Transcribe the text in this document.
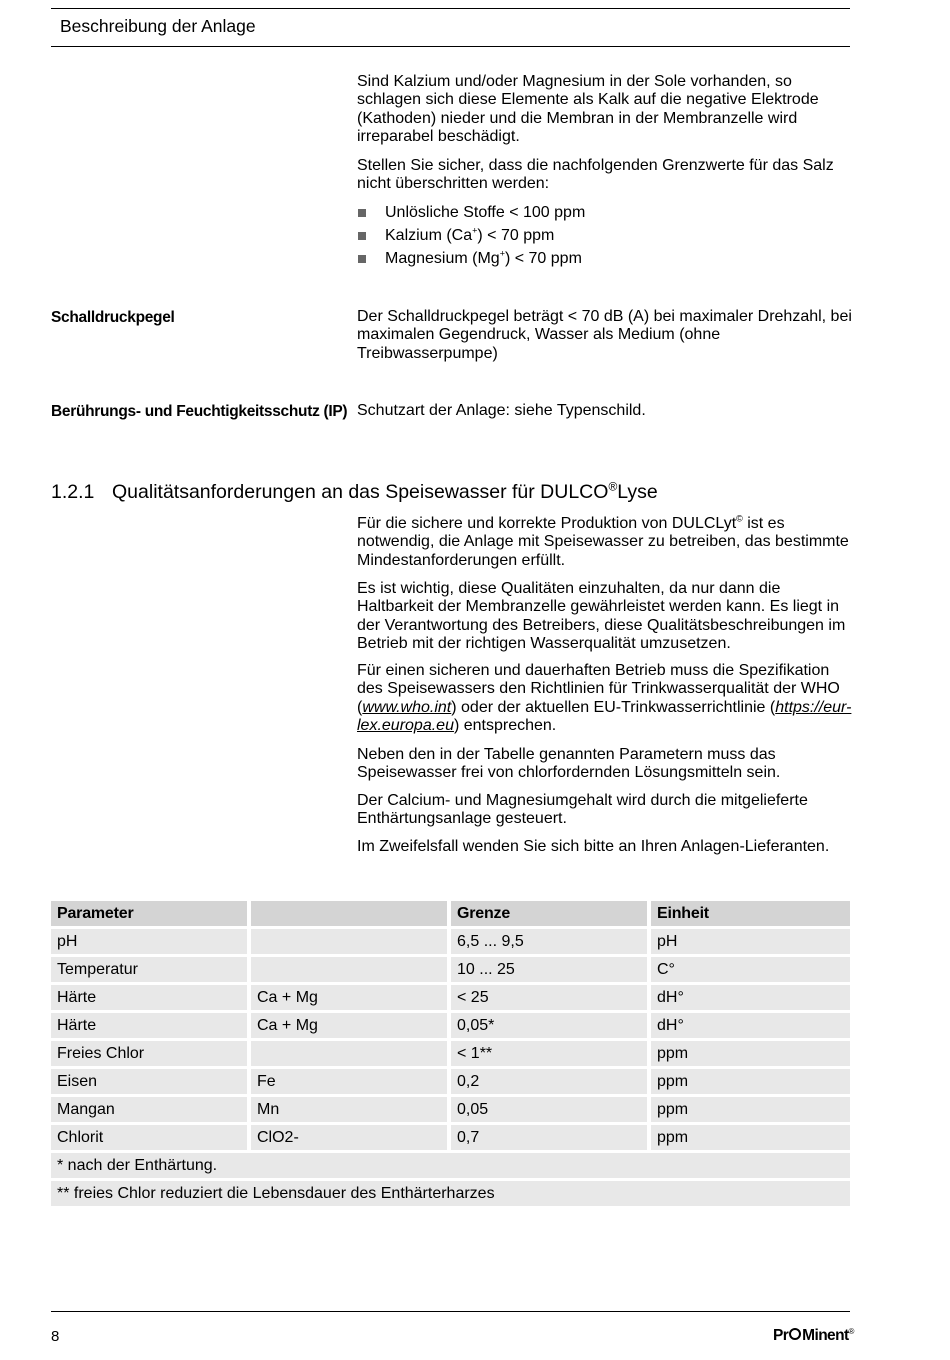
Beschreibung der Anlage

Sind Kalzium und/oder Magnesium in der Sole vorhanden, so schlagen sich diese Elemente als Kalk auf die negative Elektrode (Kathoden) nieder und die Membran in der Membranzelle wird irreparabel beschädigt.

Stellen Sie sicher, dass die nachfolgenden Grenzwerte für das Salz nicht überschritten werden:

Unlösliche Stoffe < 100 ppm
Kalzium (Ca+) < 70 ppm
Magnesium (Mg+) < 70 ppm
Schalldruckpegel	Der Schalldruckpegel beträgt < 70 dB (A) bei maximaler Drehzahl, bei maximalen Gegendruck, Wasser als Medium (ohne Treibwasserpumpe)

Berührungs- und Feuchtigkeitsschutz (IP) Schutzart der Anlage: siehe Typenschild.

1.2.1 Qualitätsanforderungen an das Speisewasser für DULCO®Lyse

Für die sichere und korrekte Produktion von DULCLyt© ist es notwendig, die Anlage mit Speisewasser zu betreiben, das bestimmte Mindestanforderungen erfüllt.

Es ist wichtig, diese Qualitäten einzuhalten, da nur dann die Haltbarkeit der Membranzelle gewährleistet werden kann. Es liegt in der Verantwortung des Betreibers, diese Qualitätsbeschreibungen im Betrieb mit der richtigen Wasserqualität umzusetzen.

Für einen sicheren und dauerhaften Betrieb muss die Spezifikation des Speisewassers den Richtlinien für Trinkwasserqualität der WHO (www.who.int) oder der aktuellen EU-Trinkwasserrichtlinie (https://eur-lex.europa.eu) entsprechen.

Neben den in der Tabelle genannten Parametern muss das Speisewasser frei von chlorfordernden Lösungsmitteln sein.

Der Calcium- und Magnesiumgehalt wird durch die mitgelieferte Enthärtungsanlage gesteuert.

Im Zweifelsfall wenden Sie sich bitte an Ihren Anlagen-Lieferanten.

Parameter		Grenze	Einheit
pH		6,5 ... 9,5	pH
Temperatur		10 ... 25	C°
Härte	Ca + Mg	< 25	dH°
Härte	Ca + Mg	0,05*	dH°
Freies Chlor		< 1**	ppm
Eisen	Fe	0,2	ppm
Mangan	Mn	0,05	ppm
Chlorit	ClO2-	0,7	ppm
* nach der Enthärtung.			
** freies Chlor reduziert die Lebensdauer des Enthärterharzes			
8	Pr Minent®
